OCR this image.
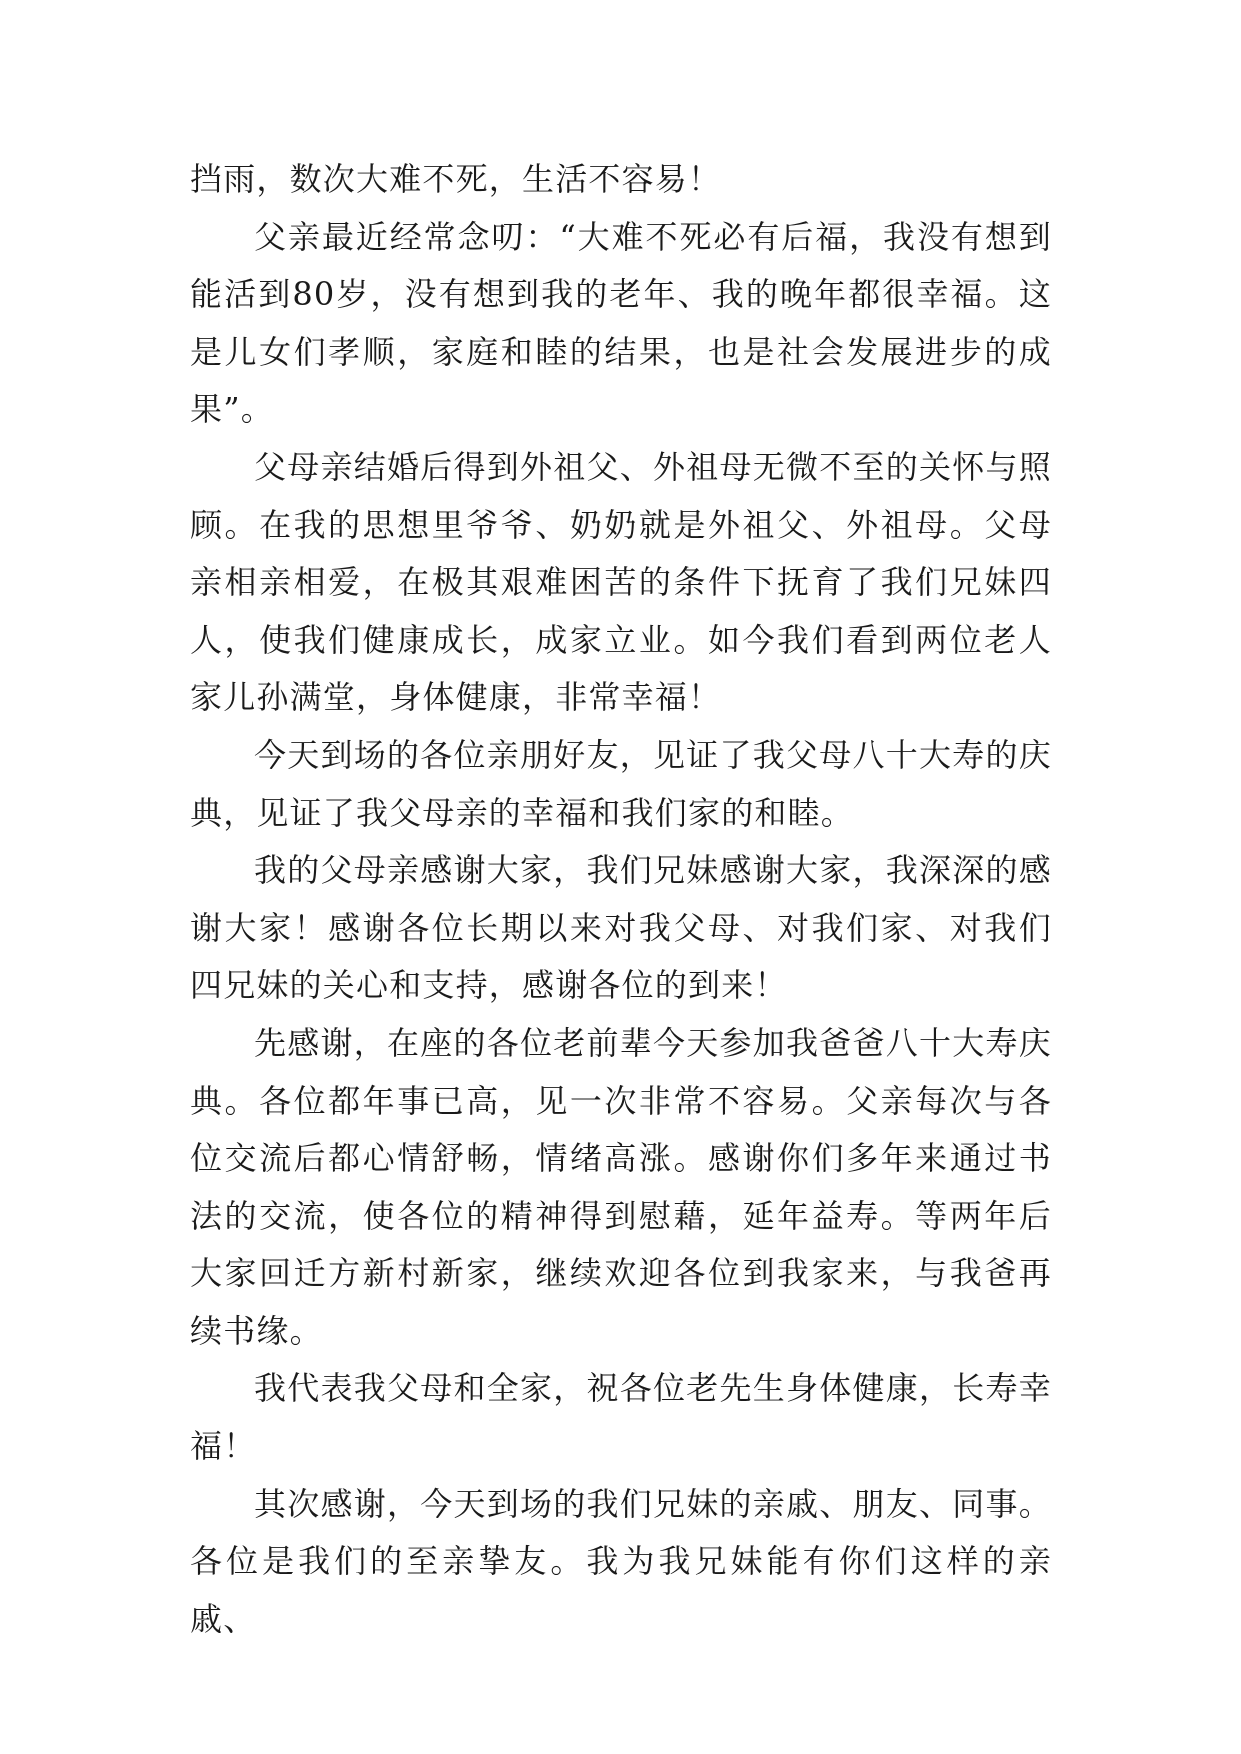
挡雨，数次大难不死，生活不容易！

父亲最近经常念叨：“大难不死必有后福，我没有想到能活到80岁，没有想到我的老年、我的晚年都很幸福。这是儿女们孝顺，家庭和睦的结果，也是社会发展进步的成果”。

父母亲结婚后得到外祖父、外祖母无微不至的关怀与照顾。在我的思想里爷爷、奶奶就是外祖父、外祖母。父母亲相亲相爱，在极其艰难困苦的条件下抚育了我们兄妹四人，使我们健康成长，成家立业。如今我们看到两位老人家儿孙满堂，身体健康，非常幸福！

今天到场的各位亲朋好友，见证了我父母八十大寿的庆典，见证了我父母亲的幸福和我们家的和睦。

我的父母亲感谢大家，我们兄妹感谢大家，我深深的感谢大家！感谢各位长期以来对我父母、对我们家、对我们四兄妹的关心和支持，感谢各位的到来！

先感谢，在座的各位老前辈今天参加我爸爸八十大寿庆典。各位都年事已高，见一次非常不容易。父亲每次与各位交流后都心情舒畅，情绪高涨。感谢你们多年来通过书法的交流，使各位的精神得到慰藉，延年益寿。等两年后大家回迁方新村新家，继续欢迎各位到我家来，与我爸再续书缘。

我代表我父母和全家，祝各位老先生身体健康，长寿幸福！

其次感谢，今天到场的我们兄妹的亲戚、朋友、同事。各位是我们的至亲挚友。我为我兄妹能有你们这样的亲戚、
